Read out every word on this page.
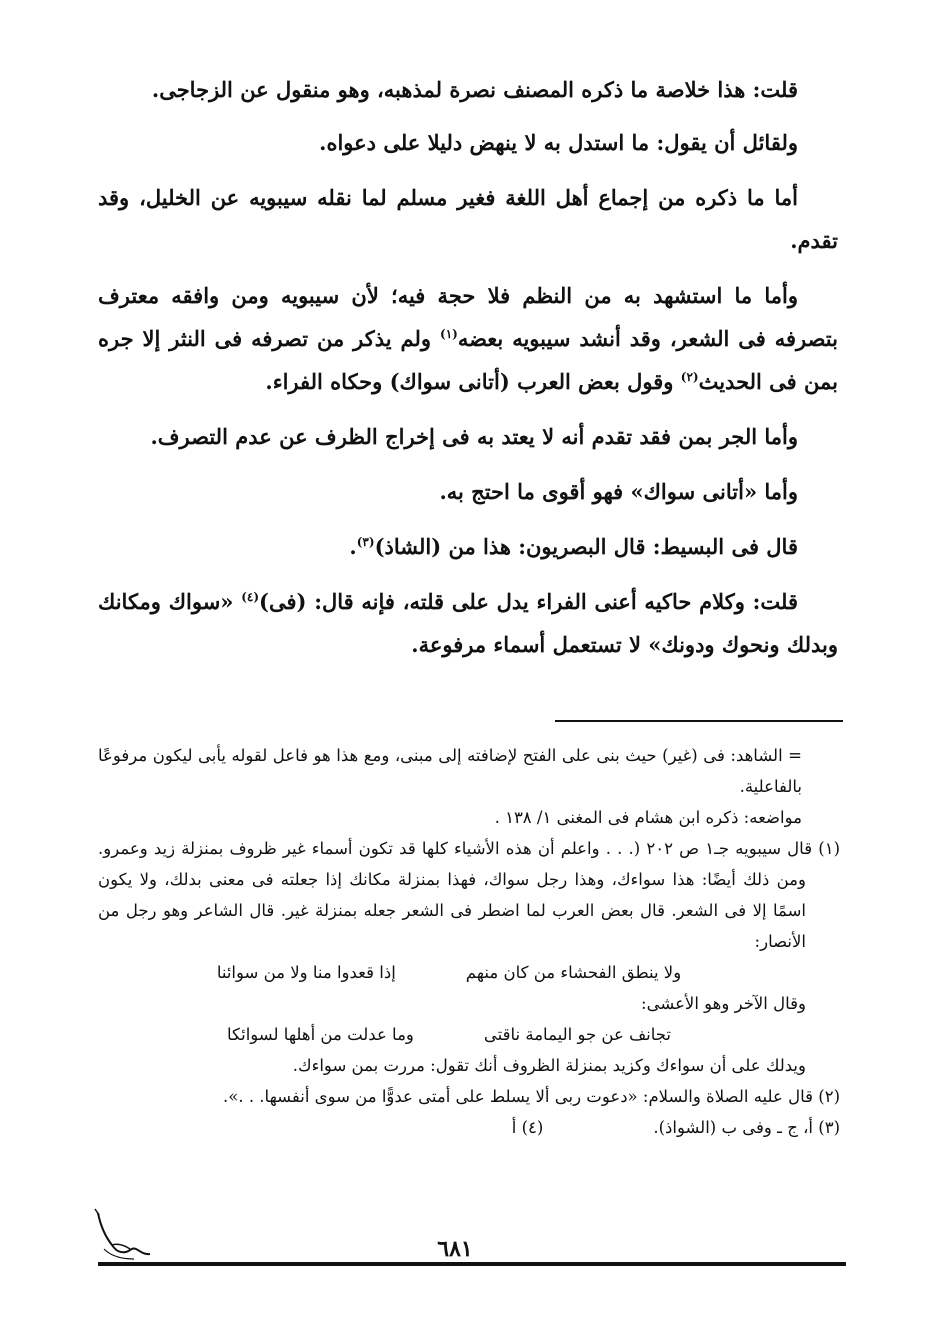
قلت: هذا خلاصة ما ذكره المصنف نصرة لمذهبه، وهو منقول عن الزجاجى.

ولقائل أن يقول: ما استدل به لا ينهض دليلا على دعواه.

أما ما ذكره من إجماع أهل اللغة فغير مسلم لما نقله سيبويه عن الخليل، وقد تقدم.

وأما ما استشهد به من النظم فلا حجة فيه؛ لأن سيبويه ومن وافقه معترف بتصرفه فى الشعر، وقد أنشد سيبويه بعضه$^{(١)}$ ولم يذكر من تصرفه فى النثر إلا جره بمن فى الحديث$^{(٢)}$ وقول بعض العرب (أتانى سواك) وحكاه الفراء.

وأما الجر بمن فقد تقدم أنه لا يعتد به فى إخراج الظرف عن عدم التصرف.

وأما «أتانى سواك» فهو أقوى ما احتج به.

قال فى البسيط: قال البصريون: هذا من (الشاذ)$^{(٣)}$.

قلت: وكلام حاكيه أعنى الفراء يدل على قلته، فإنه قال: (فى)$^{(٤)}$ «سواك ومكانك وبدلك ونحوك ودونك» لا تستعمل أسماء مرفوعة.

= الشاهد: فى (غير) حيث بنى على الفتح لإضافته إلى مبنى، ومع هذا هو فاعل لقوله يأبى ليكون مرفوعًا بالفاعلية.

مواضعه: ذكره ابن هشام فى المغنى ١/ ١٣٨ .

(١) قال سيبويه جـ١ ص ٢٠٢ (. . . واعلم أن هذه الأشياء كلها قد تكون أسماء غير ظروف بمنزلة زيد وعمرو. ومن ذلك أيضًا: هذا سواءك، وهذا رجل سواك، فهذا بمنزلة مكانك إذا جعلته فى معنى بدلك، ولا يكون اسمًا إلا فى الشعر. قال بعض العرب لما اضطر فى الشعر جعله بمنزلة غير. قال الشاعر وهو رجل من الأنصار:

ولا ينطق الفحشاء من كان منهم
إذا قعدوا منا ولا من سوائنا

وقال الآخر وهو الأعشى:

تجانف عن جو اليمامة ناقتى
وما عدلت من أهلها لسوائكا

ويدلك على أن سواءك وكزيد بمنزلة الظروف أنك تقول: مررت بمن سواءك.

(٢) قال عليه الصلاة والسلام: «دعوت ربى ألا يسلط على أمتى عدوًّا من سوى أنفسها. . .».

(٣) أ، ج ـ وفى ب (الشواذ).
(٤) أ
٦٨١
